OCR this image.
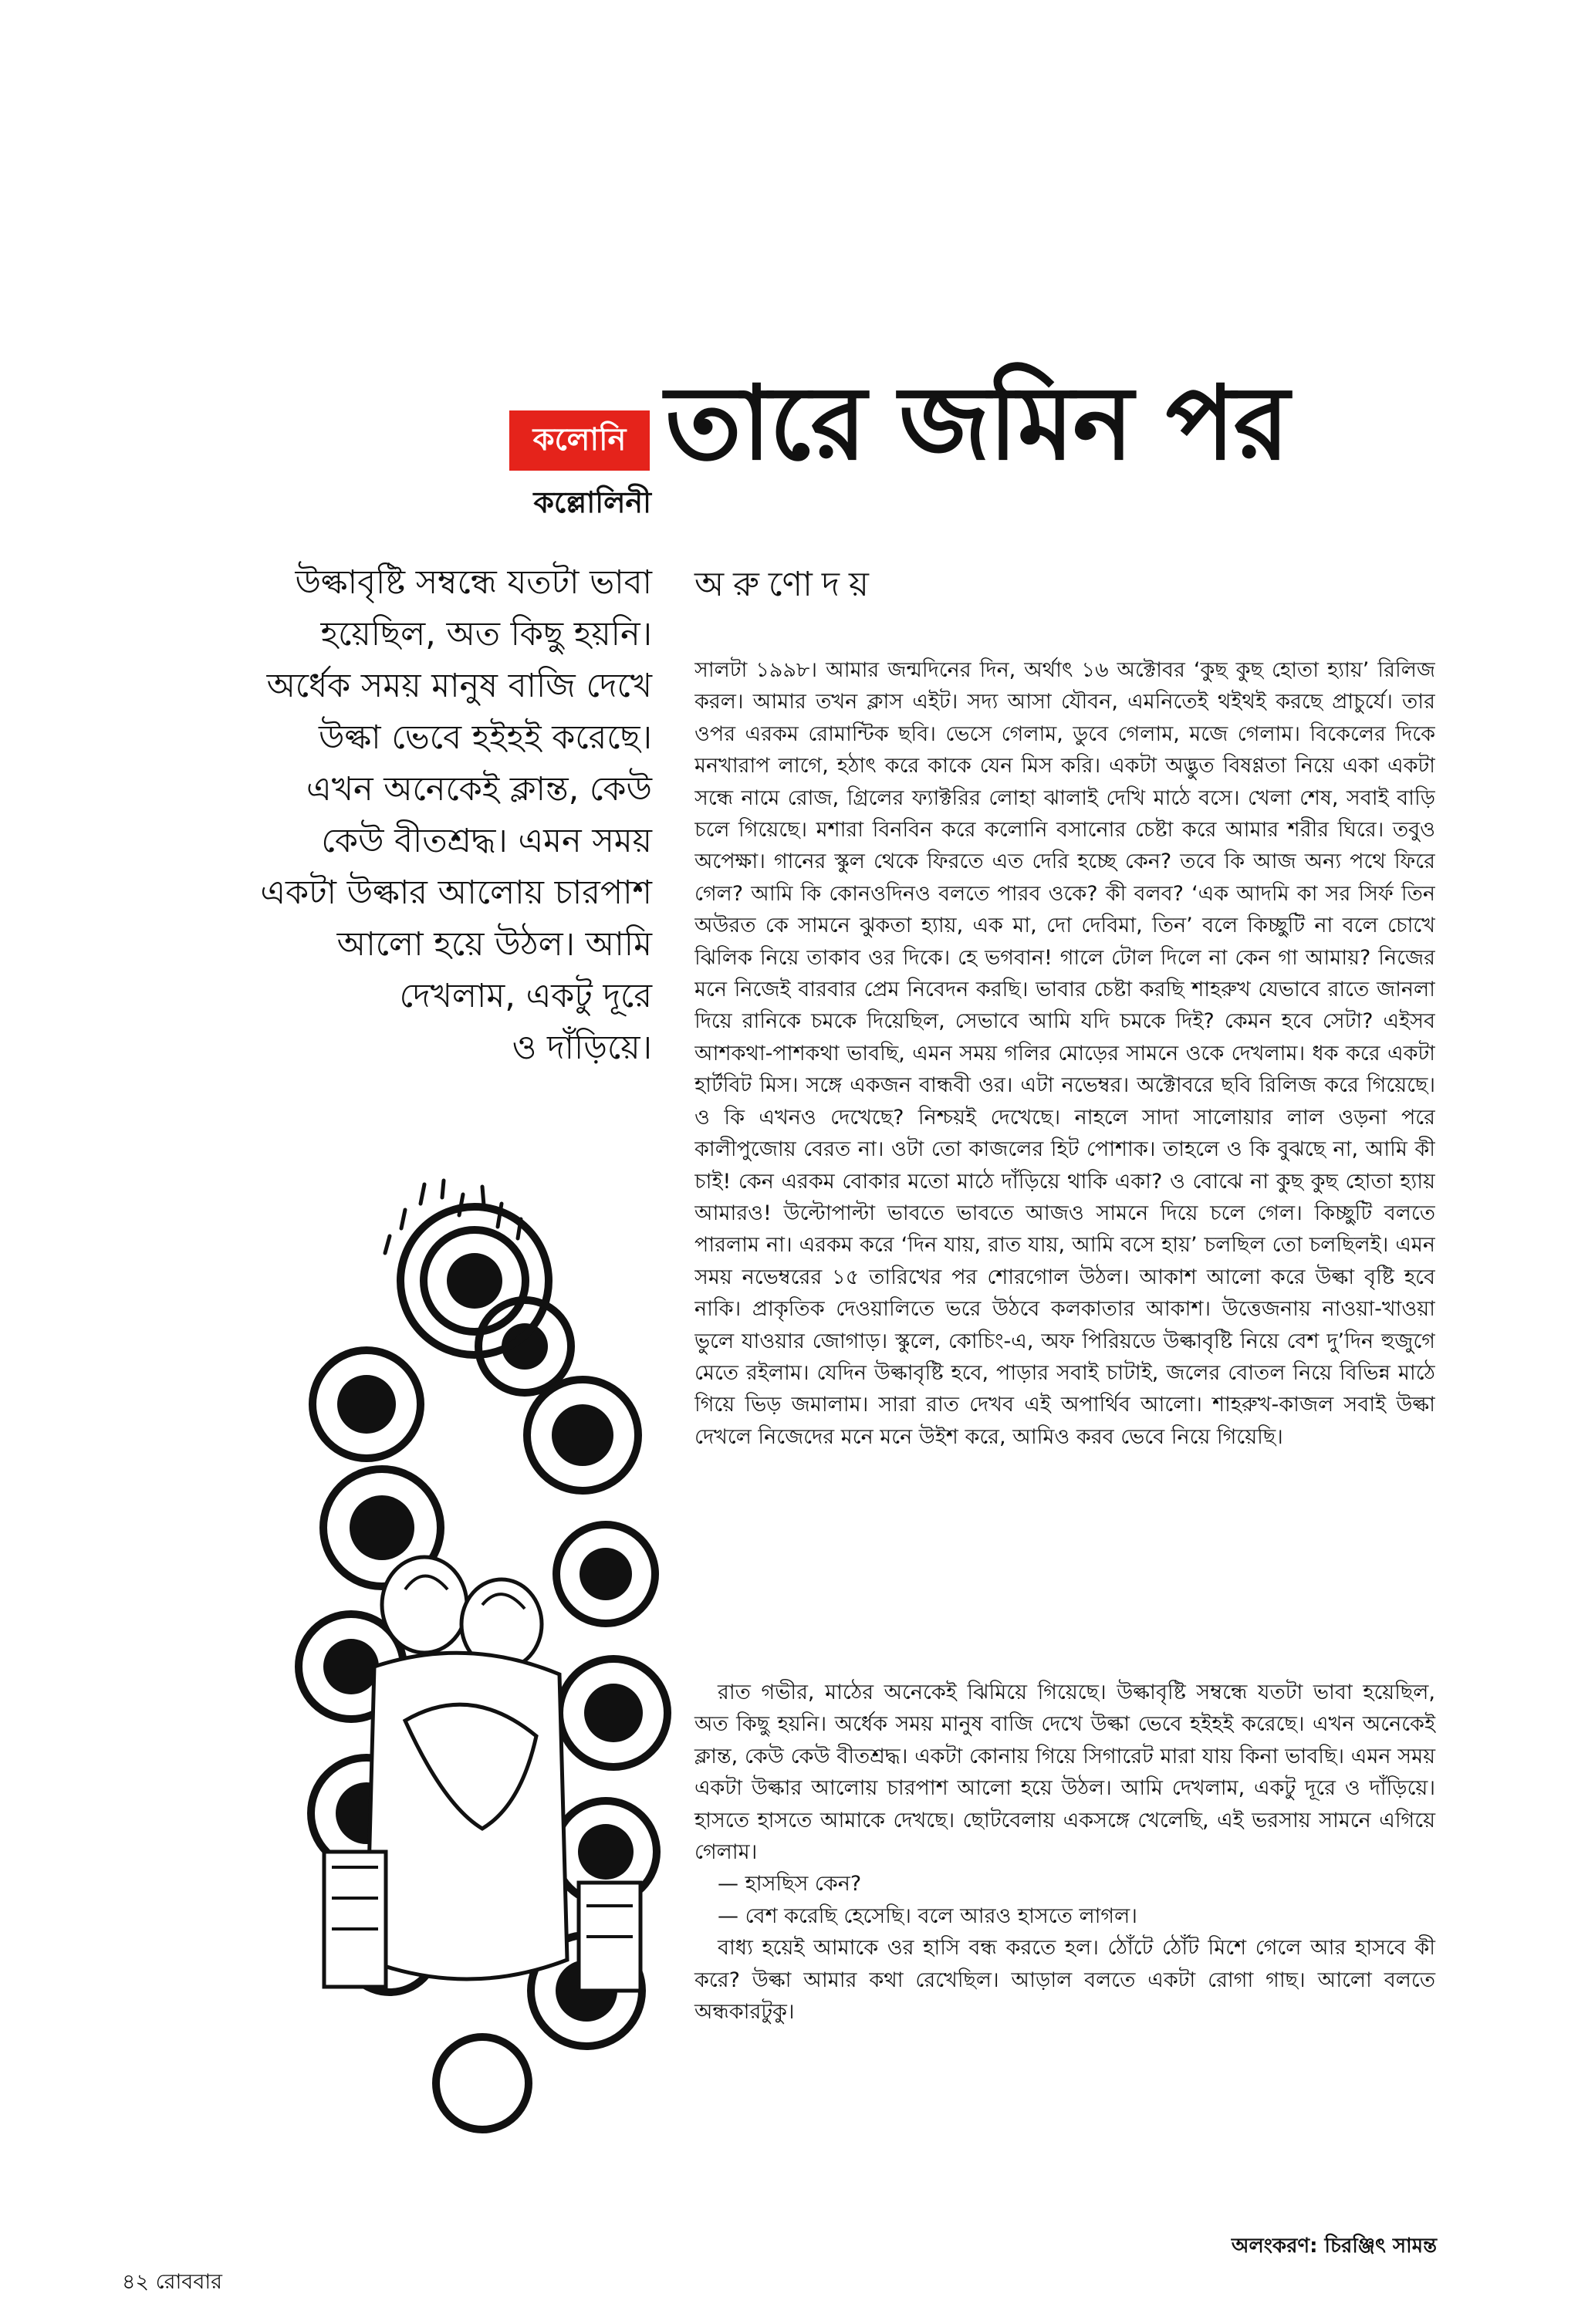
কলোনি
কল্লোলিনী
তারে জমিন পর
অরুণোদয়
উল্কাবৃষ্টি সম্বন্ধে যতটা ভাবা
হয়েছিল, অত কিছু হয়নি।
অর্ধেক সময় মানুষ বাজি দেখে
উল্কা ভেবে হইহই করেছে।
এখন অনেকেই ক্লান্ত, কেউ
কেউ বীতশ্রদ্ধ। এমন সময়
একটা উল্কার আলোয় চারপাশ
আলো হয়ে উঠল। আমি
দেখলাম, একটু দূরে
ও দাঁড়িয়ে।

সালটা ১৯৯৮। আমার জন্মদিনের দিন, অর্থাৎ ১৬ অক্টোবর ‘কুছ কুছ হোতা হ্যায়’ রিলিজ করল। আমার তখন ক্লাস এইট। সদ্য আসা যৌবন, এমনিতেই থইথই করছে প্রাচুর্যে। তার ওপর এরকম রোমান্টিক ছবি। ভেসে গেলাম, ডুবে গেলাম, মজে গেলাম। বিকেলের দিকে মনখারাপ লাগে, হঠাৎ করে কাকে যেন মিস করি। একটা অদ্ভুত বিষণ্ণতা নিয়ে একা একটা সন্ধে নামে রোজ, গ্রিলের ফ্যাক্টরির লোহা ঝালাই দেখি মাঠে বসে। খেলা শেষ, সবাই বাড়ি চলে গিয়েছে। মশারা বিনবিন করে কলোনি বসানোর চেষ্টা করে আমার শরীর ঘিরে। তবুও অপেক্ষা। গানের স্কুল থেকে ফিরতে এত দেরি হচ্ছে কেন? তবে কি আজ অন্য পথে ফিরে গেল? আমি কি কোনওদিনও বলতে পারব ওকে? কী বলব? ‘এক আদমি কা সর সির্ফ তিন অউরত কে সামনে ঝুকতা হ্যায়, এক মা, দো দেবিমা, তিন’ বলে কিচ্ছুটি না বলে চোখে ঝিলিক নিয়ে তাকাব ওর দিকে। হে ভগবান! গালে টোল দিলে না কেন গা আমায়? নিজের মনে নিজেই বারবার প্রেম নিবেদন করছি। ভাবার চেষ্টা করছি শাহরুখ যেভাবে রাতে জানলা দিয়ে রানিকে চমকে দিয়েছিল, সেভাবে আমি যদি চমকে দিই? কেমন হবে সেটা? এইসব আশকথা-পাশকথা ভাবছি, এমন সময় গলির মোড়ের সামনে ওকে দেখলাম। ধক করে একটা হার্টবিট মিস। সঙ্গে একজন বান্ধবী ওর। এটা নভেম্বর। অক্টোবরে ছবি রিলিজ করে গিয়েছে। ও কি এখনও দেখেছে? নিশ্চয়ই দেখেছে। নাহলে সাদা সালোয়ার লাল ওড়না পরে কালীপুজোয় বেরত না। ওটা তো কাজলের হিট পোশাক। তাহলে ও কি বুঝছে না, আমি কী চাই! কেন এরকম বোকার মতো মাঠে দাঁড়িয়ে থাকি একা? ও বোঝে না কুছ কুছ হোতা হ্যায় আমারও! উল্টোপাল্টা ভাবতে ভাবতে আজও সামনে দিয়ে চলে গেল। কিচ্ছুটি বলতে পারলাম না। এরকম করে ‘দিন যায়, রাত যায়, আমি বসে হায়’ চলছিল তো চলছিলই। এমন সময় নভেম্বরের ১৫ তারিখের পর শোরগোল উঠল। আকাশ আলো করে উল্কা বৃষ্টি হবে নাকি। প্রাকৃতিক দেওয়ালিতে ভরে উঠবে কলকাতার আকাশ। উত্তেজনায় নাওয়া-খাওয়া ভুলে যাওয়ার জোগাড়। স্কুলে, কোচিং-এ, অফ পিরিয়ডে উল্কাবৃষ্টি নিয়ে বেশ দু’দিন হুজুগে মেতে রইলাম। যেদিন উল্কাবৃষ্টি হবে, পাড়ার সবাই চাটাই, জলের বোতল নিয়ে বিভিন্ন মাঠে গিয়ে ভিড় জমালাম। সারা রাত দেখব এই অপার্থিব আলো। শাহরুখ-কাজল সবাই উল্কা দেখলে নিজেদের মনে মনে উইশ করে, আমিও করব ভেবে নিয়ে গিয়েছি।

রাত গভীর, মাঠের অনেকেই ঝিমিয়ে গিয়েছে। উল্কাবৃষ্টি সম্বন্ধে যতটা ভাবা হয়েছিল, অত কিছু হয়নি। অর্ধেক সময় মানুষ বাজি দেখে উল্কা ভেবে হইহই করেছে। এখন অনেকেই ক্লান্ত, কেউ কেউ বীতশ্রদ্ধ। একটা কোনায় গিয়ে সিগারেট মারা যায় কিনা ভাবছি। এমন সময় একটা উল্কার আলোয় চারপাশ আলো হয়ে উঠল। আমি দেখলাম, একটু দূরে ও দাঁড়িয়ে। হাসতে হাসতে আমাকে দেখছে। ছোটবেলায় একসঙ্গে খেলেছি, এই ভরসায় সামনে এগিয়ে গেলাম।

— হাসছিস কেন?

— বেশ করেছি হেসেছি। বলে আরও হাসতে লাগল।

বাধ্য হয়েই আমাকে ওর হাসি বন্ধ করতে হল। ঠোঁটে ঠোঁট মিশে গেলে আর হাসবে কী করে? উল্কা আমার কথা রেখেছিল। আড়াল বলতে একটা রোগা গাছ। আলো বলতে অন্ধকারটুকু।

অলংকরণ: চিরঞ্জিৎ সামন্ত
৪২ রোববার
